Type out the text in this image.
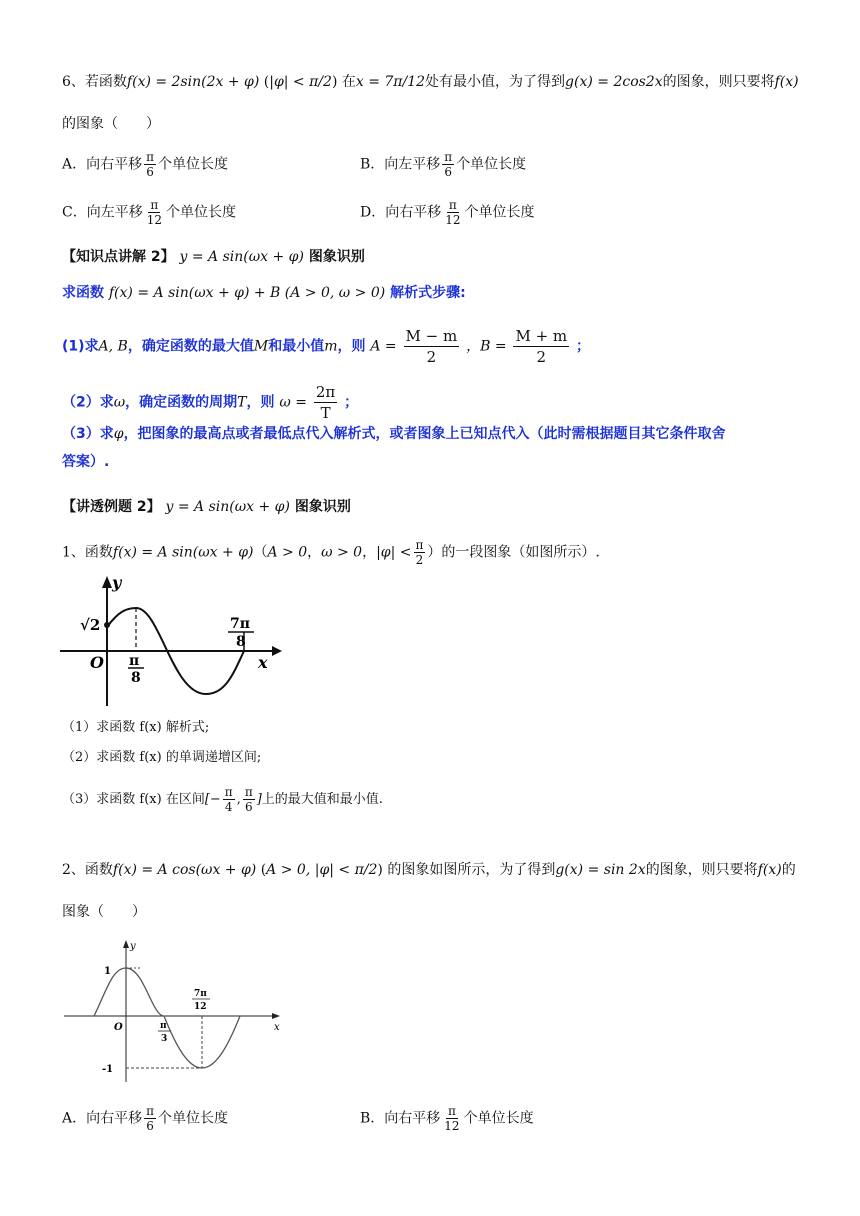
6、若函数f(x) = 2sin(2x + φ) (|φ| < π/2) 在x = 7π/12处有最小值，为了得到g(x) = 2cos2x的图象，则只要将f(x)
的图象（　　）
A．向右平移 $\frac{\pi}{6}$ 个单位长度	B．向左平移 $\frac{\pi}{6}$ 个单位长度
C．向左平移 $\frac{\pi}{12}$ 个单位长度	D．向右平移 $\frac{\pi}{12}$ 个单位长度
【知识点讲解 2】 y = A sin(ωx + φ) 图象识别
求函数 f(x) = A sin(ωx + φ) + B (A > 0, ω > 0) 解析式步骤:
(1)求A, B，确定函数的最大值M和最小值m，则 $A = \frac{M - m}{2}$ ，$B = \frac{M + m}{2}$ ；
（2）求ω，确定函数的周期T，则 $\omega = \frac{2\pi}{T}$ ；
（3）求φ，把图象的最高点或者最低点代入解析式，或者图象上已知点代入（此时需根据题目其它条件取舍
答案）.
【讲透例题 2】 y = A sin(ωx + φ) 图象识别
1、函数f(x) = A sin(ωx + φ)（A > 0，ω > 0，$|\varphi| < \frac{\pi}{2}$ ）的一段图象（如图所示）.
y
x
O
√2
π
8
7π
8
（1）求函数 f(x) 解析式;
（2）求函数 f(x) 的单调递增区间;
（3）求函数 f(x) 在区间[− $\frac{\pi}{4}$ , $\frac{\pi}{6}$ ]上的最大值和最小值.
2、函数f(x) = A cos(ωx + φ) (A > 0, |φ| < π/2) 的图象如图所示，为了得到g(x) = sin 2x的图象，则只要将f(x)的
图象（　　）
y
x
O
1
-1
π
3
7π
12
A．向右平移 $\frac{\pi}{6}$ 个单位长度	B．向右平移 $\frac{\pi}{12}$ 个单位长度
